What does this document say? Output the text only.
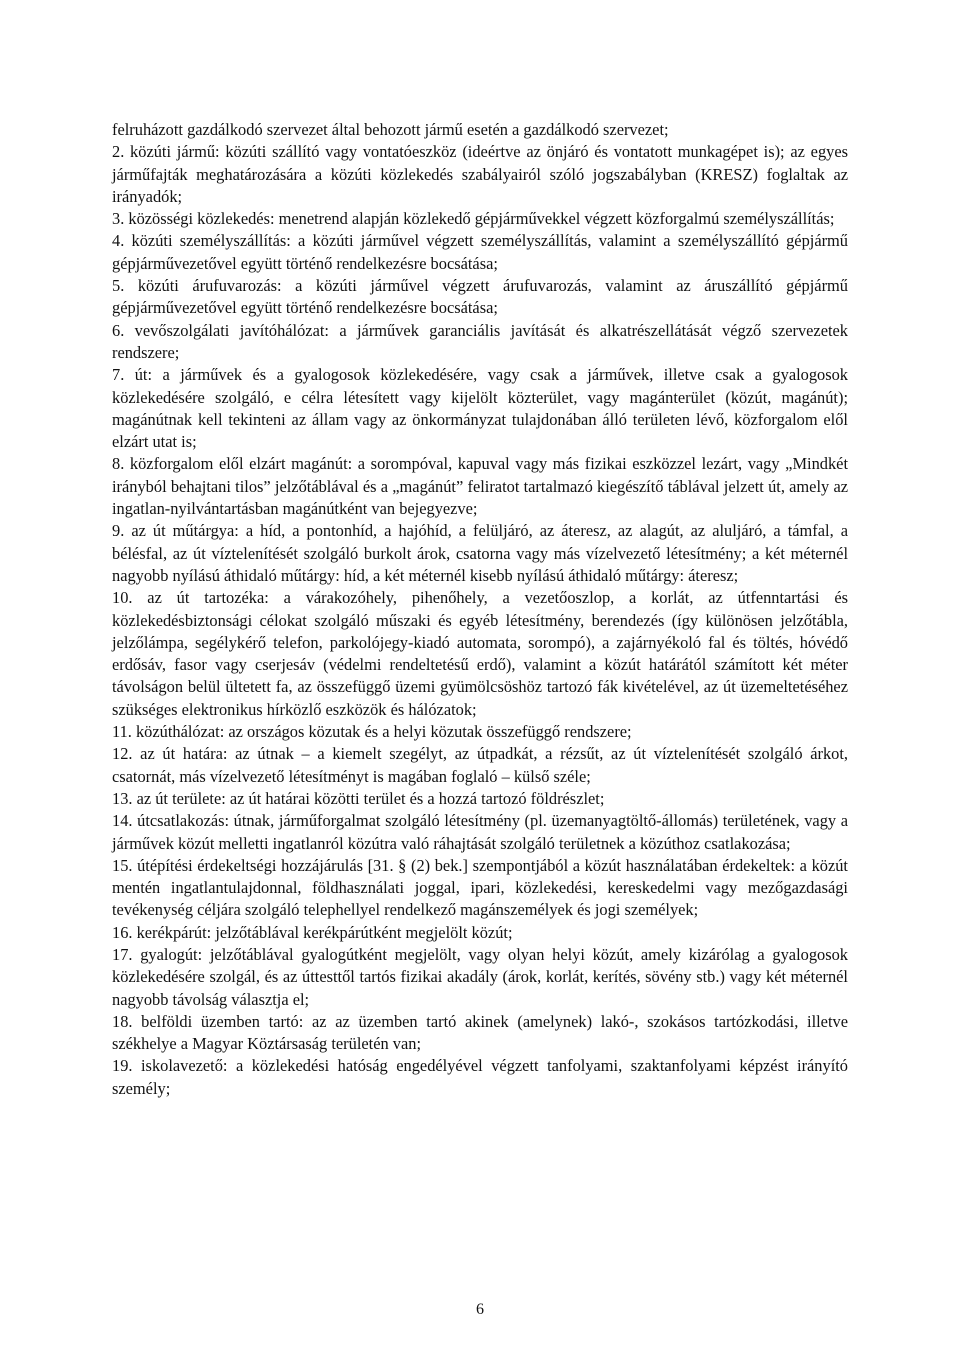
felruházott gazdálkodó szervezet által behozott jármű esetén a gazdálkodó szervezet;

2. közúti jármű: közúti szállító vagy vontatóeszköz (ideértve az önjáró és vontatott munkagépet is); az egyes járműfajták meghatározására a közúti közlekedés szabályairól szóló jogszabályban (KRESZ) foglaltak az irányadók;

3. közösségi közlekedés: menetrend alapján közlekedő gépjárművekkel végzett közforgalmú személyszállítás;

4. közúti személyszállítás: a közúti járművel végzett személyszállítás, valamint a személyszállító gépjármű gépjárművezetővel együtt történő rendelkezésre bocsátása;

5. közúti árufuvarozás: a közúti járművel végzett árufuvarozás, valamint az áruszállító gépjármű gépjárművezetővel együtt történő rendelkezésre bocsátása;

6. vevőszolgálati javítóhálózat: a járművek garanciális javítását és alkatrészellátását végző szervezetek rendszere;

7. út: a járművek és a gyalogosok közlekedésére, vagy csak a járművek, illetve csak a gyalogosok közlekedésére szolgáló, e célra létesített vagy kijelölt közterület, vagy magánterület (közút, magánút); magánútnak kell tekinteni az állam vagy az önkormányzat tulajdonában álló területen lévő, közforgalom elől elzárt utat is;

8. közforgalom elől elzárt magánút: a sorompóval, kapuval vagy más fizikai eszközzel lezárt, vagy „Mindkét irányból behajtani tilos” jelzőtáblával és a „magánút” feliratot tartalmazó kiegészítő táblával jelzett út, amely az ingatlan-nyilvántartásban magánútként van bejegyezve;

9. az út műtárgya: a híd, a pontonhíd, a hajóhíd, a felüljáró, az áteresz, az alagút, az aluljáró, a támfal, a bélésfal, az út víztelenítését szolgáló burkolt árok, csatorna vagy más vízelvezető létesítmény; a két méternél nagyobb nyílású áthidaló műtárgy: híd, a két méternél kisebb nyílású áthidaló műtárgy: áteresz;

10. az út tartozéka: a várakozóhely, pihenőhely, a vezetőoszlop, a korlát, az útfenntartási és közlekedésbiztonsági célokat szolgáló műszaki és egyéb létesítmény, berendezés (így különösen jelzőtábla, jelzőlámpa, segélykérő telefon, parkolójegy-kiadó automata, sorompó), a zajárnyékoló fal és töltés, hóvédő erdősáv, fasor vagy cserjesáv (védelmi rendeltetésű erdő), valamint a közút határától számított két méter távolságon belül ültetett fa, az összefüggő üzemi gyümölcsöshöz tartozó fák kivételével, az út üzemeltetéséhez szükséges elektronikus hírközlő eszközök és hálózatok;

11. közúthálózat: az országos közutak és a helyi közutak összefüggő rendszere;

12. az út határa: az útnak – a kiemelt szegélyt, az útpadkát, a rézsűt, az út víztelenítését szolgáló árkot, csatornát, más vízelvezető létesítményt is magában foglaló – külső széle;

13. az út területe: az út határai közötti terület és a hozzá tartozó földrészlet;

14. útcsatlakozás: útnak, járműforgalmat szolgáló létesítmény (pl. üzemanyagtöltő-állomás) területének, vagy a járművek közút melletti ingatlanról közútra való ráhajtását szolgáló területnek a közúthoz csatlakozása;

15. útépítési érdekeltségi hozzájárulás [31. § (2) bek.] szempontjából a közút használatában érdekeltek: a közút mentén ingatlantulajdonnal, földhasználati joggal, ipari, közlekedési, kereskedelmi vagy mezőgazdasági tevékenység céljára szolgáló telephellyel rendelkező magánszemélyek és jogi személyek;

16. kerékpárút: jelzőtáblával kerékpárútként megjelölt közút;

17. gyalogút: jelzőtáblával gyalogútként megjelölt, vagy olyan helyi közút, amely kizárólag a gyalogosok közlekedésére szolgál, és az úttesttől tartós fizikai akadály (árok, korlát, kerítés, sövény stb.) vagy két méternél nagyobb távolság választja el;

18. belföldi üzemben tartó: az az üzemben tartó akinek (amelynek) lakó-, szokásos tartózkodási, illetve székhelye a Magyar Köztársaság területén van;

19. iskolavezető: a közlekedési hatóság engedélyével végzett tanfolyami, szaktanfolyami képzést irányító személy;

6
